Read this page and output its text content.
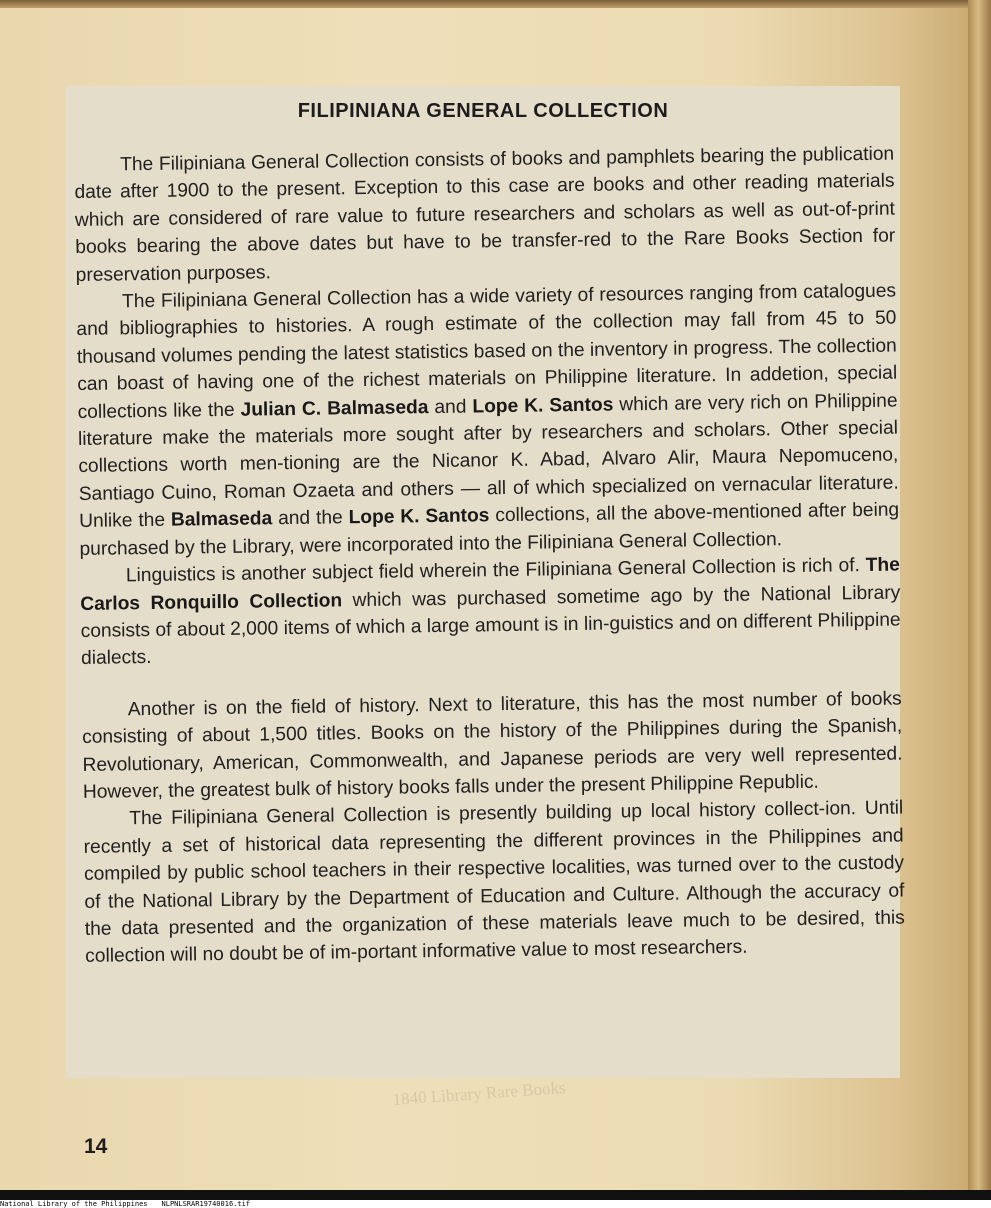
1840 Library Rare Books
FILIPINIANA GENERAL COLLECTION

The Filipiniana General Collection consists of books and pamphlets bearing the publication date after 1900 to the present. Exception to this case are books and other reading materials which are considered of rare value to future researchers and scholars as well as out-of-print books bearing the above dates but have to be transfer-red to the Rare Books Section for preservation purposes.

The Filipiniana General Collection has a wide variety of resources ranging from catalogues and bibliographies to histories. A rough estimate of the collection may fall from 45 to 50 thousand volumes pending the latest statistics based on the inventory in progress. The collection can boast of having one of the richest materials on Philippine literature. In addetion, special collections like the Julian C. Balmaseda and Lope K. Santos which are very rich on Philippine literature make the materials more sought after by researchers and scholars. Other special collections worth men-tioning are the Nicanor K. Abad, Alvaro Alir, Maura Nepomuceno, Santiago Cuino, Roman Ozaeta and others — all of which specialized on vernacular literature. Unlike the Balmaseda and the Lope K. Santos collections, all the above-mentioned after being purchased by the Library, were incorporated into the Filipiniana General Collection.

Linguistics is another subject field wherein the Filipiniana General Collection is rich of. The Carlos Ronquillo Collection which was purchased sometime ago by the National Library consists of about 2,000 items of which a large amount is in lin-guistics and on different Philippine dialects.

Another is on the field of history. Next to literature, this has the most number of books consisting of about 1,500 titles. Books on the history of the Philippines during the Spanish, Revolutionary, American, Commonwealth, and Japanese periods are very well represented. However, the greatest bulk of history books falls under the present Philippine Republic.

The Filipiniana General Collection is presently building up local history collect-ion. Until recently a set of historical data representing the different provinces in the Philippines and compiled by public school teachers in their respective localities, was turned over to the custody of the National Library by the Department of Education and Culture. Although the accuracy of the data presented and the organization of these materials leave much to be desired, this collection will no doubt be of im-portant informative value to most researchers.

14
National Library of the Philippines NLPNLSRAR19740016.tif
